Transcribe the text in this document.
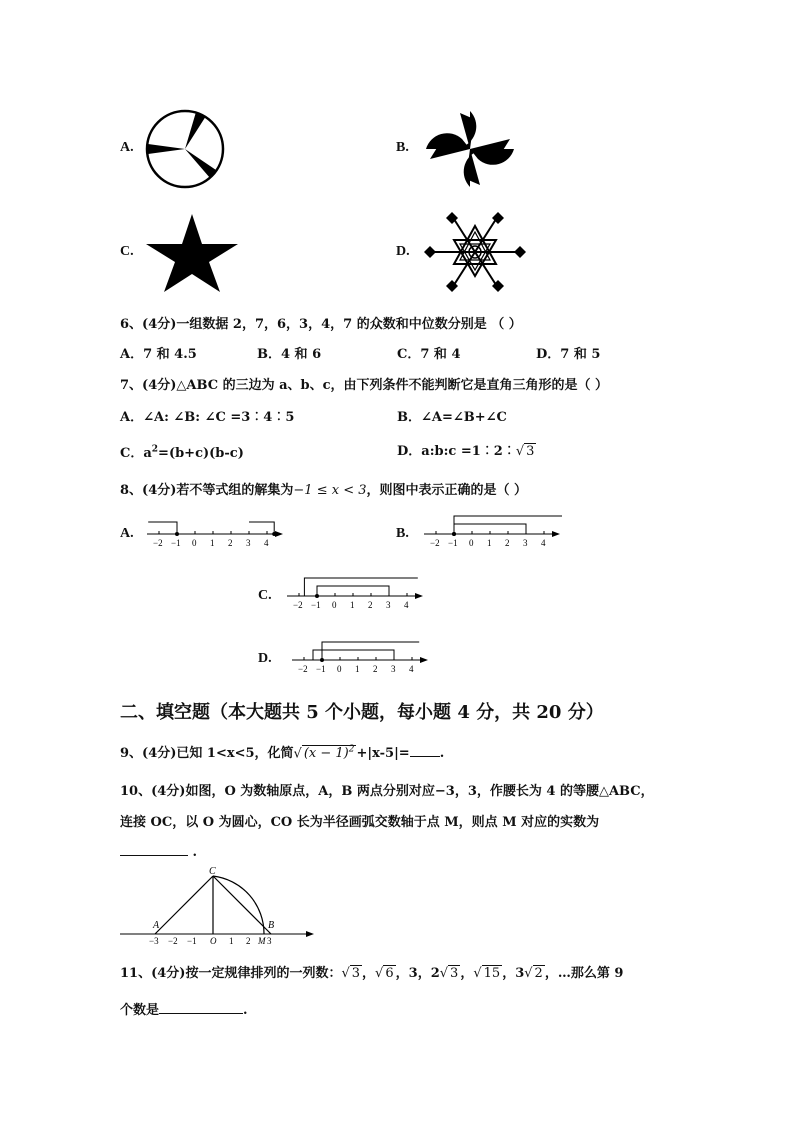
A.	B.
C.	D.
6、(4分)一组数据 2，7，6，3，4，7 的众数和中位数分别是 （ ）
A．7 和 4.5	B．4 和 6	C．7 和 4	D．7 和 5
7、(4分)△ABC 的三边为 a、b、c，由下列条件不能判断它是直角三角形的是（ ）
A．∠A: ∠B: ∠C =3︰4︰5	B．∠A=∠B+∠C
C．$a^2=(b+c)(b-c)$	D．a:b:c =1︰2︰√ 3
8、(4分)若不等式组的解集为−1 ≤ x < 3，则图中表示正确的是（ ）
A.
−2 −1 0 1 2 3 4
B.
−2 −1 0 1 2 3 4
C.
−2 −1 0 1 2 3 4
D.
−2 −1 0 1 2 3 4
二、填空题（本大题共 5 个小题，每小题 4 分，共 20 分）
9、(4分)已知 1<x<5，化简√ $(x - 1)^2 +|x-5|=$ .
10、(4分)如图，O 为数轴原点，A，B 两点分别对应−3，3，作腰长为 4 的等腰△ABC，
连接 OC，以 O 为圆心，CO 长为半径画弧交数轴于点 M，则点 M 对应的实数为
.
A	B
C
M
−3 −2 −1 O 1 2 3
11、(4分)按一定规律排列的一列数：√ 3 ，√ 6 ，3，2√ 3 ，√ 15 ，3√ 2 ，…那么第 9
个数是	.
